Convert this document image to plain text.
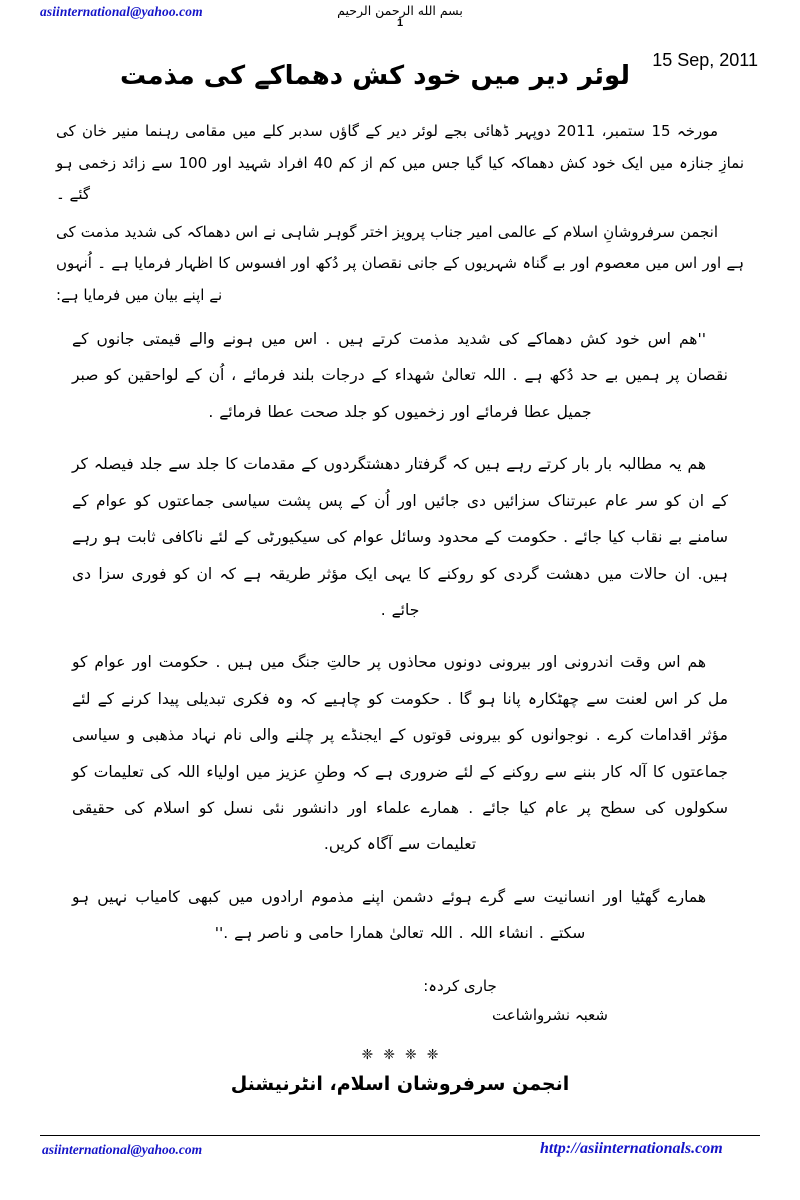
asiinternational@yahoo.com	بسم الله الرحمن الرحيم
1
15 Sep, 2011
لوئر دیر میں خود کش دھماکے کی مذمت

مورخہ 15 ستمبر، 2011 دوپہر ڈھائی بجے لوئر دیر کے گاؤں سدبر کلے میں مقامی رہنما منیر خان کی نمازِ جنازہ میں ایک خود کش دھماکہ کیا گیا جس میں کم از کم 40 افراد شہید اور 100 سے زائد زخمی ہو گئے ۔

انجمن سرفروشانِ اسلام کے عالمی امیر جناب پرویز اختر گوہر شاہی نے اس دھماکہ کی شدید مذمت کی ہے اور اس میں معصوم اور بے گناہ شہریوں کے جانی نقصان پر دُکھ اور افسوس کا اظہار فرمایا ہے ۔ اُنہوں نے اپنے بیان میں فرمایا ہے:

''ھم اس خود کش دھماکے کی شدید مذمت کرتے ہیں . اس میں ہونے والے قیمتی جانوں کے نقصان پر ہمیں بے حد دُکھ ہے . اللہ تعالیٰ شھداء کے درجات بلند فرمائے ، اُن کے لواحقین کو صبر جمیل عطا فرمائے اور زخمیوں کو جلد صحت عطا فرمائے .

ھم یہ مطالبہ بار بار کرتے رہے ہیں کہ گرفتار دھشتگردوں کے مقدمات کا جلد سے جلد فیصلہ کر کے ان کو سر عام عبرتناک سزائیں دی جائیں اور اُن کے پس پشت سیاسی جماعتوں کو عوام کے سامنے بے نقاب کیا جائے . حکومت کے محدود وسائل عوام کی سیکیورٹی کے لئے ناکافی ثابت ہو رہے ہیں. ان حالات میں دھشت گردی کو روکنے کا یہی ایک مؤثر طریقہ ہے کہ ان کو فوری سزا دی جائے .

ھم اس وقت اندرونی اور بیرونی دونوں محاذوں پر حالتِ جنگ میں ہیں . حکومت اور عوام کو مل کر اس لعنت سے چھٹکارہ پانا ہو گا . حکومت کو چاہیے کہ وہ فکری تبدیلی پیدا کرنے کے لئے مؤثر اقدامات کرے . نوجوانوں کو بیرونی قوتوں کے ایجنڈے پر چلنے والی نام نہاد مذھبی و سیاسی جماعتوں کا آلہ کار بننے سے روکنے کے لئے ضروری ہے کہ وطنِ عزیز میں اولیاء اللہ کی تعلیمات کو سکولوں کی سطح پر عام کیا جائے . ھمارے علماء اور دانشور نئی نسل کو اسلام کی حقیقی تعلیمات سے آگاہ کریں.

ھمارے گھٹیا اور انسانیت سے گرے ہوئے دشمن اپنے مذموم ارادوں میں کبھی کامیاب نہیں ہو سکتے . انشاء اللہ . اللہ تعالیٰ ھمارا حامی و ناصر ہے .''

جاری کردہ:
شعبہ نشرواشاعت
❈ ❈ ❈ ❈
انجمن سرفروشان اسلام، انٹرنیشنل
asiinternational@yahoo.com	http://asiinternationals.com
